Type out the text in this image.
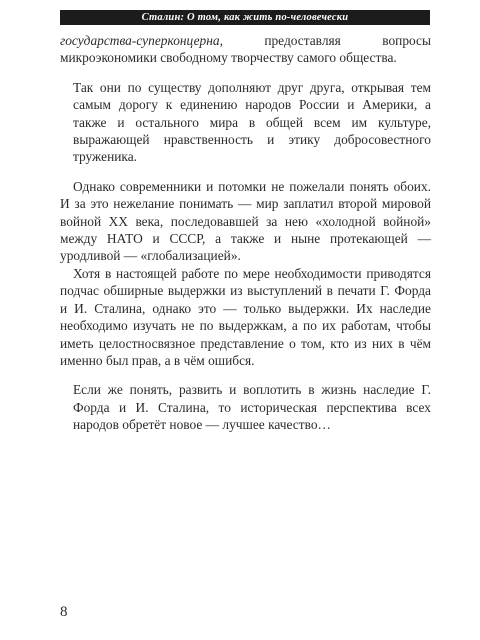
Сталин: О том, как жить по-человечески

государства-суперконцерна, предоставляя вопросы микроэкономики свободному творчеству самого общества.

Так они по существу дополняют друг друга, открывая тем самым дорогу к единению народов России и Америки, а также и остального мира в общей всем им культуре, выражающей нравственность и этику добросовестного труженика.

Однако современники и потомки не пожелали понять обоих. И за это нежелание понимать — мир заплатил второй мировой войной XX века, последовавшей за нею «холодной войной» между НАТО и СССР, а также и ныне протекающей — уродливой — «глобализацией».

Хотя в настоящей работе по мере необходимости приводятся подчас обширные выдержки из выступлений в печати Г. Форда и И. Сталина, однако это — только выдержки. Их наследие необходимо изучать не по выдержкам, а по их работам, чтобы иметь целостносвязное представление о том, кто из них в чём именно был прав, а в чём ошибся.

Если же понять, развить и воплотить в жизнь наследие Г. Форда и И. Сталина, то историческая перспектива всех народов обретёт новое — лучшее качество…

8
